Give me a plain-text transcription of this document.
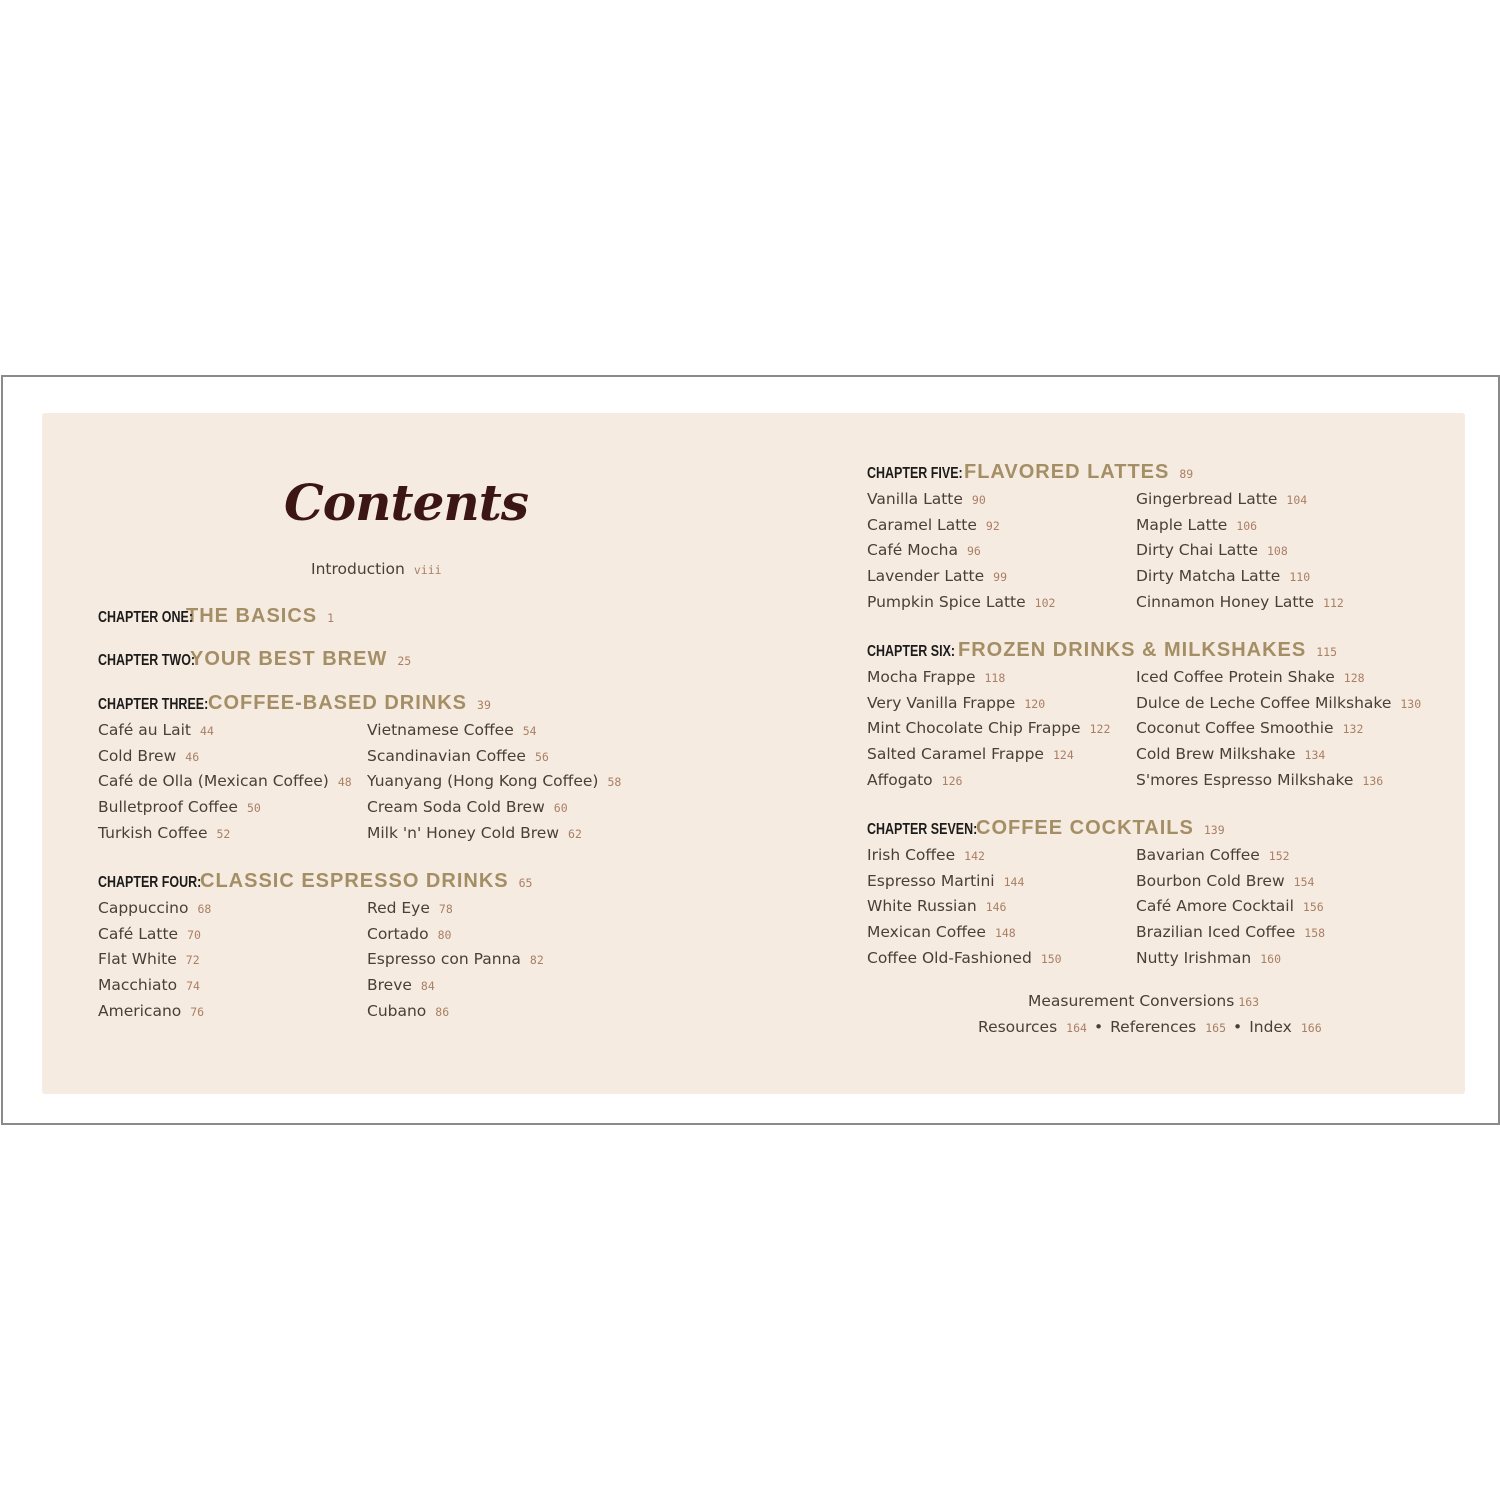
Contents
Introduction viii
CHAPTER ONE:
THE BASICS 1
CHAPTER TWO:
YOUR BEST BREW 25
CHAPTER THREE: COFFEE-BASED DRINKS 39
Café au Lait 44
Cold Brew 46
Café de Olla (Mexican Coffee) 48
Bulletproof Coffee 50
Turkish Coffee 52
Vietnamese Coffee 54
Scandinavian Coffee 56
Yuanyang (Hong Kong Coffee) 58
Cream Soda Cold Brew 60
Milk 'n' Honey Cold Brew 62
CHAPTER FOUR:
CLASSIC ESPRESSO DRINKS 65
Cappuccino 68
Café Latte 70
Flat White 72
Macchiato 74
Americano 76
Red Eye 78
Cortado 80
Espresso con Panna 82
Breve 84
Cubano 86
CHAPTER FIVE: FLAVORED LATTES 89
Vanilla Latte 90
Caramel Latte 92
Café Mocha 96
Lavender Latte 99
Pumpkin Spice Latte 102
Gingerbread Latte 104
Maple Latte 106
Dirty Chai Latte 108
Dirty Matcha Latte 110
Cinnamon Honey Latte 112
CHAPTER SIX: FROZEN DRINKS & MILKSHAKES 115
Mocha Frappe 118
Very Vanilla Frappe 120
Mint Chocolate Chip Frappe 122
Salted Caramel Frappe 124
Affogato 126
Iced Coffee Protein Shake 128
Dulce de Leche Coffee Milkshake 130
Coconut Coffee Smoothie 132
Cold Brew Milkshake 134
S'mores Espresso Milkshake 136
CHAPTER SEVEN:
COFFEE COCKTAILS 139
Irish Coffee 142
Espresso Martini 144
White Russian 146
Mexican Coffee 148
Coffee Old-Fashioned 150
Bavarian Coffee 152
Bourbon Cold Brew 154
Café Amore Cocktail 156
Brazilian Iced Coffee 158
Nutty Irishman 160
Measurement Conversions 163
Resources 164 • References 165 • Index 166
